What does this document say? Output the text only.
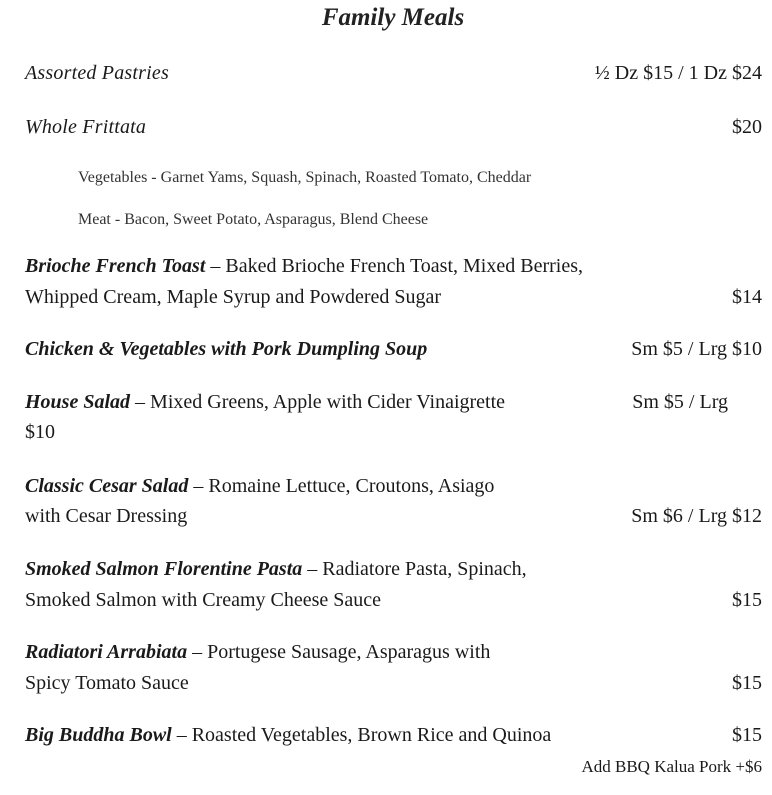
Family Meals
Assorted Pastries	½ Dz $15 / 1 Dz $24
Whole Frittata	$20
Vegetables - Garnet Yams, Squash, Spinach, Roasted Tomato, Cheddar
Meat - Bacon, Sweet Potato, Asparagus, Blend Cheese
Brioche French Toast – Baked Brioche French Toast, Mixed Berries,
Whipped Cream, Maple Syrup and Powdered Sugar	$14
Chicken & Vegetables with Pork Dumpling Soup	Sm $5 / Lrg $10
House Salad – Mixed Greens, Apple with Cider Vinaigrette	Sm $5 / Lrg
$10
Classic Cesar Salad – Romaine Lettuce, Croutons, Asiago
with Cesar Dressing	Sm $6 / Lrg $12
Smoked Salmon Florentine Pasta – Radiatore Pasta, Spinach,
Smoked Salmon with Creamy Cheese Sauce	$15
Radiatori Arrabiata – Portugese Sausage, Asparagus with
Spicy Tomato Sauce	$15
Big Buddha Bowl – Roasted Vegetables, Brown Rice and Quinoa	$15
Add BBQ Kalua Pork +$6
